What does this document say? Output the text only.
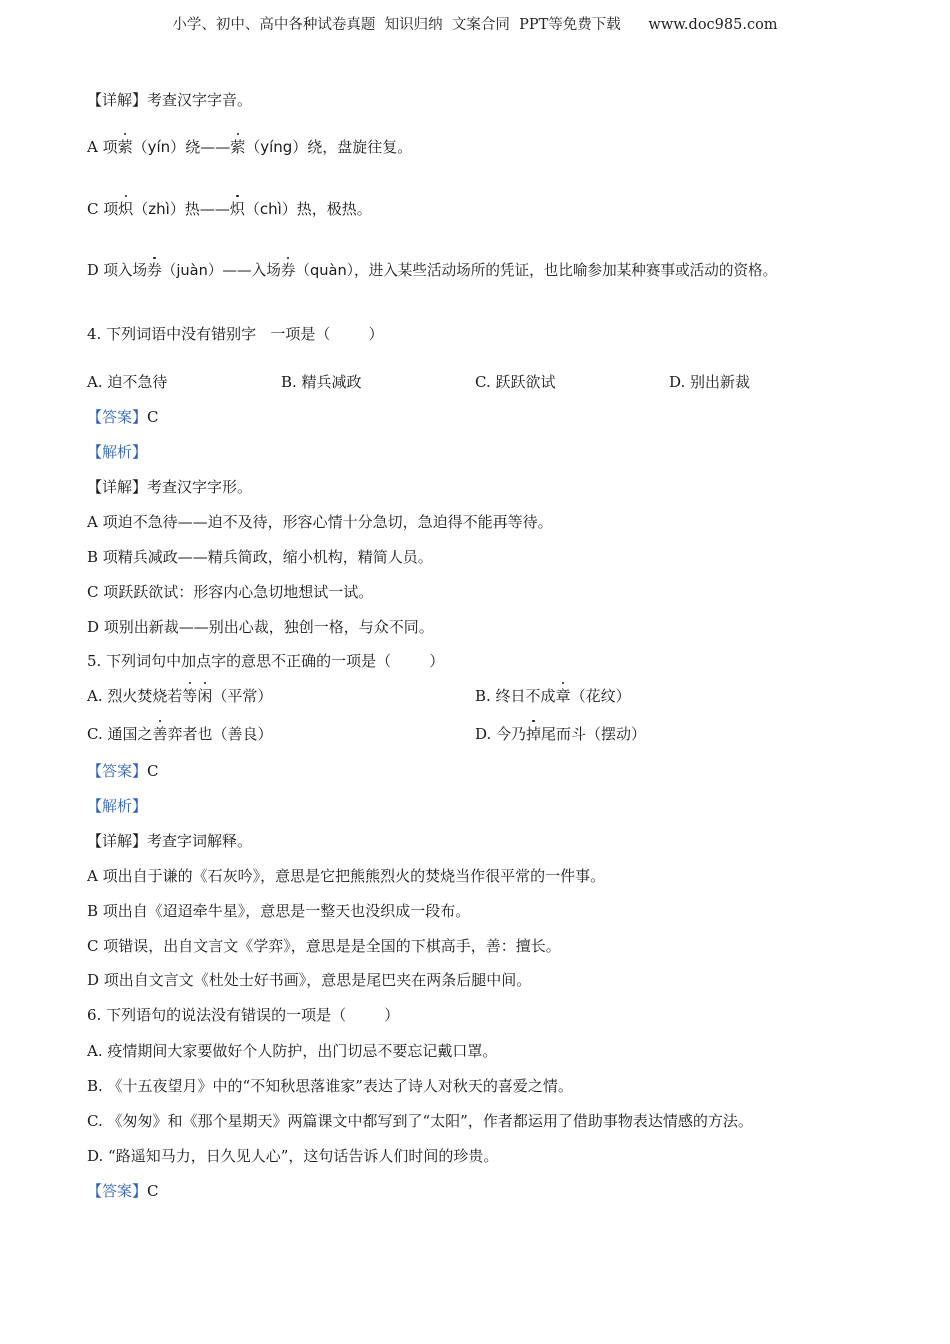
小学、初中、高中各种试卷真题  知识归纳  文案合同  PPT等免费下载      www.doc985.com
【详解】考查汉字字音。
A 项萦（yín）绕——萦（yíng）绕，盘旋往复。
C 项炽（zhì）热——炽（chì）热，极热。
D 项入场券（juàn）——入场券（quàn），进入某些活动场所的凭证，也比喻参加某种赛事或活动的资格。
4. 下列词语中没有错别字   一项是（        ）

A. 迫不急待

	B. 精兵减政

	C. 跃跃欲试

	D. 别出新裁

【答案】C
【解析】
【详解】考查汉字字形。
A 项迫不急待——迫不及待，形容心情十分急切，急迫得不能再等待。
B 项精兵减政——精兵简政，缩小机构，精简人员。
C 项跃跃欲试：形容内心急切地想试一试。
D 项别出新裁——别出心裁，独创一格，与众不同。
5. 下列词句中加点字的意思不正确的一项是（        ）

A. 烈火焚烧若等闲（平常）

	B. 终日不成章（花纹）

C. 通国之善弈者也（善良）

	D. 今乃掉尾而斗（摆动）

【答案】C
【解析】
【详解】考查字词解释。
A 项出自于谦的《石灰吟》，意思是它把熊熊烈火的焚烧当作很平常的一件事。
B 项出自《迢迢牵牛星》，意思是一整天也没织成一段布。
C 项错误，出自文言文《学弈》，意思是是全国的下棋高手，善：擅长。
D 项出自文言文《杜处士好书画》，意思是尾巴夹在两条后腿中间。
6. 下列语句的说法没有错误的一项是（        ）
A. 疫情期间大家要做好个人防护，出门切忌不要忘记戴口罩。
B. 《十五夜望月》中的“不知秋思落谁家”表达了诗人对秋天的喜爱之情。
C. 《匆匆》和《那个星期天》两篇课文中都写到了“太阳”，作者都运用了借助事物表达情感的方法。
D. “路遥知马力，日久见人心”，这句话告诉人们时间的珍贵。
【答案】C
